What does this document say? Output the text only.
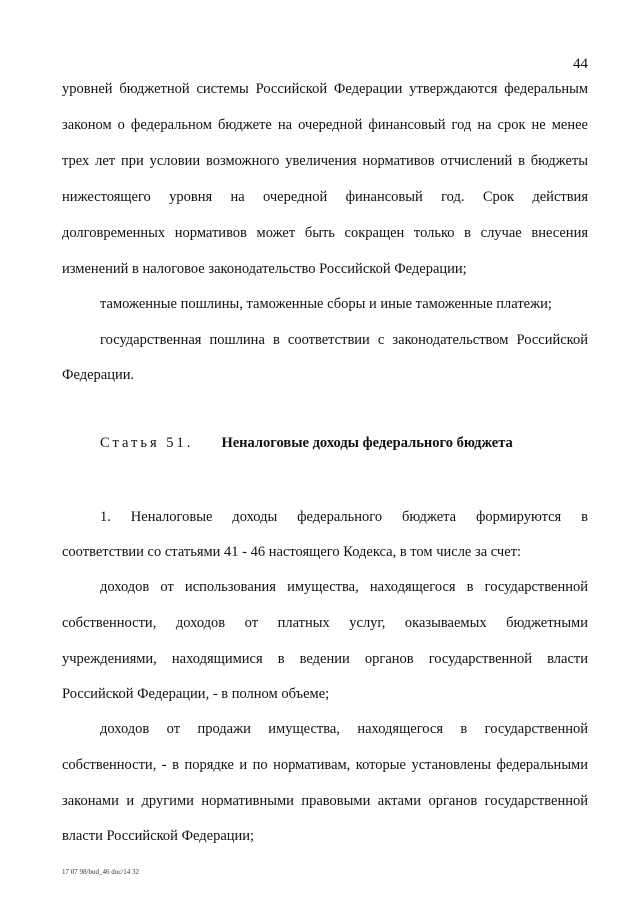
44
уровней бюджетной системы Российской Федерации утверждаются федеральным
законом о федеральном бюджете на очередной финансовый год на срок не менее
трех лет при условии возможного увеличения нормативов отчислений в бюджеты
нижестоящего уровня на очередной финансовый год. Срок действия
долговременных нормативов может быть сокращен только в случае внесения
изменений в налоговое законодательство Российской Федерации;
таможенные пошлины, таможенные сборы и иные таможенные платежи;
государственная пошлина в соответствии с законодательством Российской
Федерации.
Статья 51. Неналоговые доходы федерального бюджета
1. Неналоговые доходы федерального бюджета формируются в
соответствии со статьями 41 - 46 настоящего Кодекса, в том числе за счет:
доходов от использования имущества, находящегося в государственной
собственности, доходов от платных услуг, оказываемых бюджетными
учреждениями, находящимися в ведении органов государственной власти
Российской Федерации, - в полном объеме;
доходов от продажи имущества, находящегося в государственной
собственности, - в порядке и по нормативам, которые установлены федеральными
законами и другими нормативными правовыми актами органов государственной
власти Российской Федерации;
17 07 98/bud_46 doc/14 32
